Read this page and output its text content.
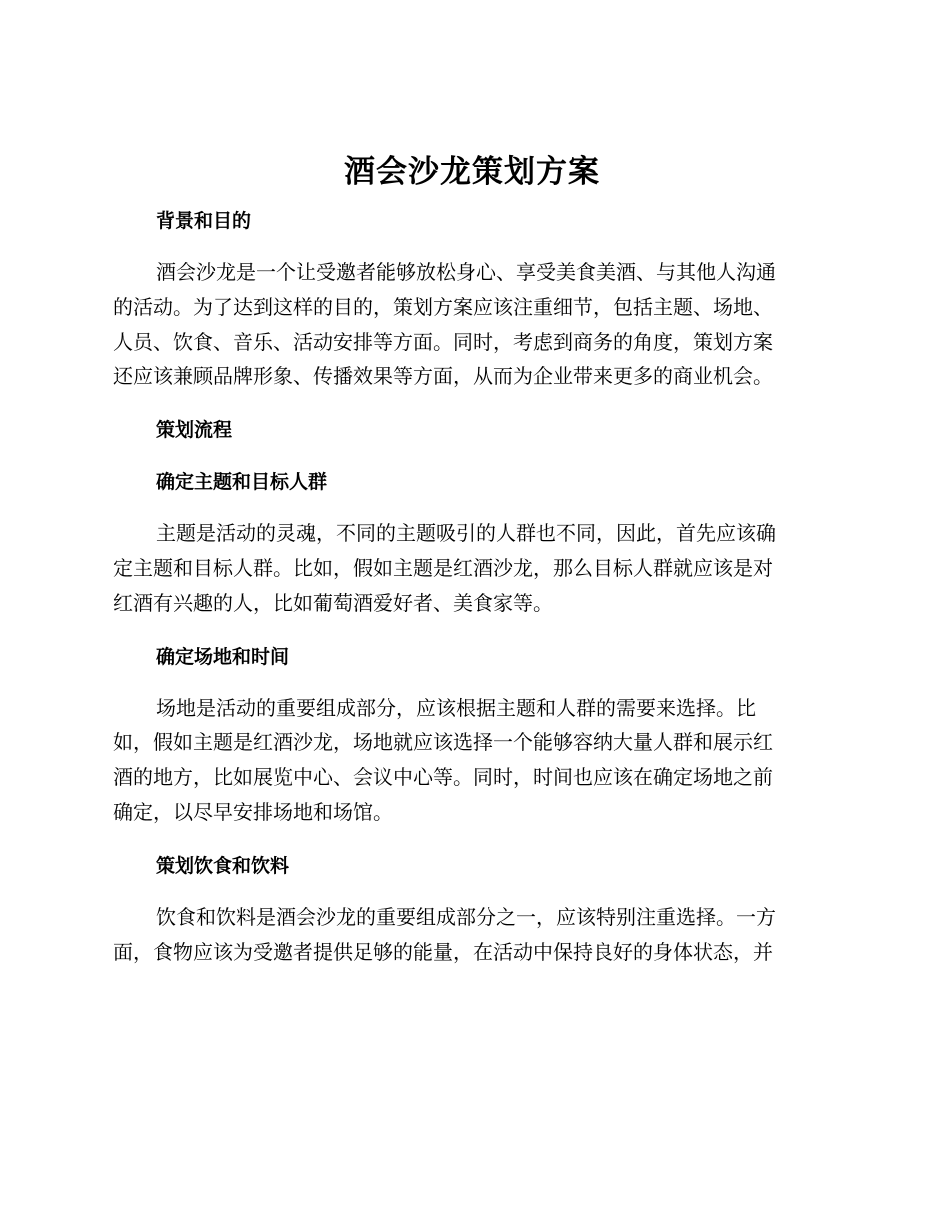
酒会沙龙策划方案
背景和目的

酒会沙龙是一个让受邀者能够放松身心、享受美食美酒、与其他人沟通
的活动。为了达到这样的目的，策划方案应该注重细节，包括主题、场地、
人员、饮食、音乐、活动安排等方面。同时，考虑到商务的角度，策划方案
还应该兼顾品牌形象、传播效果等方面，从而为企业带来更多的商业机会。

策划流程
确定主题和目标人群

主题是活动的灵魂，不同的主题吸引的人群也不同，因此，首先应该确
定主题和目标人群。比如，假如主题是红酒沙龙，那么目标人群就应该是对
红酒有兴趣的人，比如葡萄酒爱好者、美食家等。

确定场地和时间

场地是活动的重要组成部分，应该根据主题和人群的需要来选择。比
如，假如主题是红酒沙龙，场地就应该选择一个能够容纳大量人群和展示红
酒的地方，比如展览中心、会议中心等。同时，时间也应该在确定场地之前
确定，以尽早安排场地和场馆。

策划饮食和饮料

饮食和饮料是酒会沙龙的重要组成部分之一，应该特别注重选择。一方
面，食物应该为受邀者提供足够的能量，在活动中保持良好的身体状态，并
